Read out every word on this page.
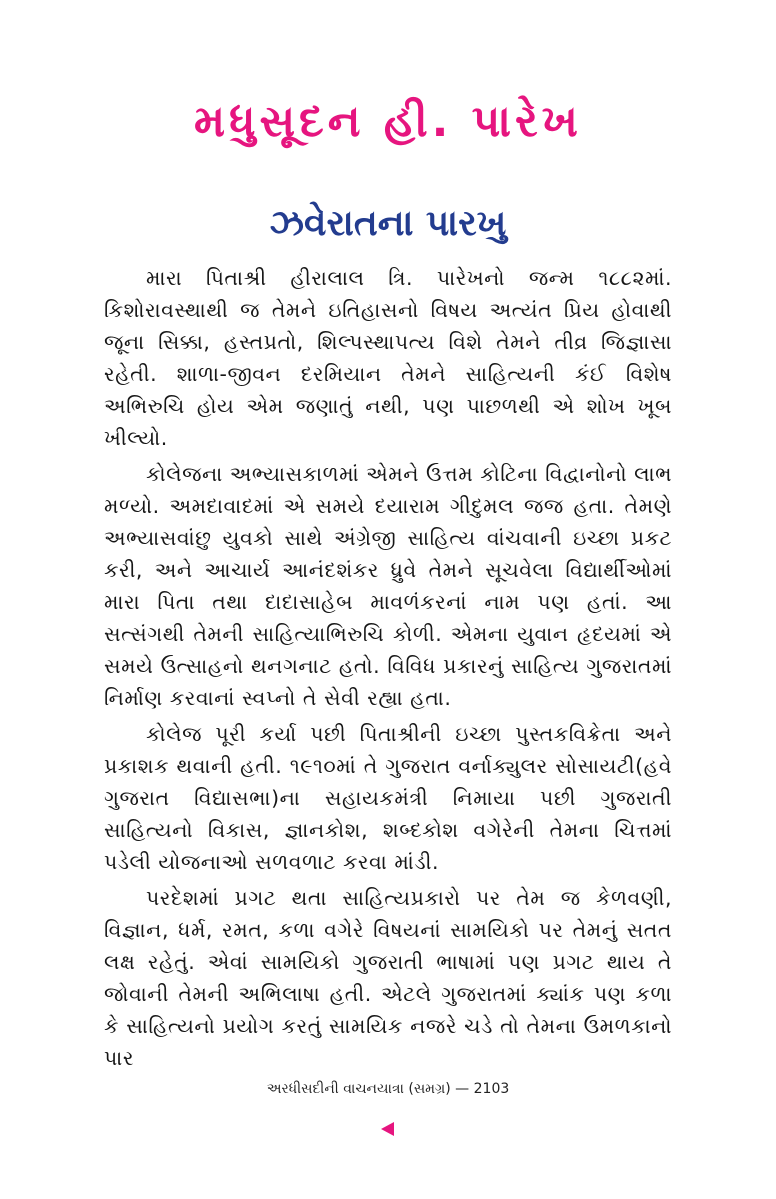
મધુસૂદન હી. પારેખ
ઝવેરાતના પારખુ

મારા પિતાશ્રી હીરાલાલ ત્રિ. પારેખનો જન્મ ૧૮૮૨માં. કિશોરાવસ્થાથી જ તેમને ઇતિહાસનો વિષય અત્યંત પ્રિય હોવાથી જૂના સિક્કા, હસ્તપ્રતો, શિલ્પસ્થાપત્ય વિશે તેમને તીવ્ર જિજ્ઞાસા રહેતી. શાળા-જીવન દરમિયાન તેમને સાહિત્યની કંઈ વિશેષ અભિરુચિ હોય એમ જણાતું નથી, પણ પાછળથી એ શોખ ખૂબ ખીલ્યો.

કોલેજના અભ્યાસકાળમાં એમને ઉત્તમ કોટિના વિદ્વાનોનો લાભ મળ્યો. અમદાવાદમાં એ સમયે દયારામ ગીદુમલ જજ હતા. તેમણે અભ્યાસવાંછુ યુવકો સાથે અંગ્રેજી સાહિત્ય વાંચવાની ઇચ્છા પ્રકટ કરી, અને આચાર્ય આનંદશંકર ધ્રુવે તેમને સૂચવેલા વિદ્યાર્થીઓમાં મારા પિતા તથા દાદાસાહેબ માવળંકરનાં નામ પણ હતાં. આ સત્સંગથી તેમની સાહિત્યાભિરુચિ કોળી. એમના યુવાન હૃદયમાં એ સમયે ઉત્સાહનો થનગનાટ હતો. વિવિધ પ્રકારનું સાહિત્ય ગુજરાતમાં નિર્માણ કરવાનાં સ્વપ્નો તે સેવી રહ્યા હતા.

કોલેજ પૂરી કર્યા પછી પિતાશ્રીની ઇચ્છા પુસ્તકવિક્રેતા અને પ્રકાશક થવાની હતી. ૧૯૧૦માં તે ગુજરાત વર્નાક્યુલર સોસાયટી(હવે ગુજરાત વિદ્યાસભા)ના સહાયકમંત્રી નિમાયા પછી ગુજરાતી સાહિત્યનો વિકાસ, જ્ઞાનકોશ, શબ્દકોશ વગેરેની તેમના ચિત્તમાં પડેલી યોજનાઓ સળવળાટ કરવા માંડી.

પરદેશમાં પ્રગટ થતા સાહિત્યપ્રકારો પર તેમ જ કેળવણી, વિજ્ઞાન, ધર્મ, રમત, કળા વગેરે વિષયનાં સામયિકો પર તેમનું સતત લક્ષ રહેતું. એવાં સામયિકો ગુજરાતી ભાષામાં પણ પ્રગટ થાય તે જોવાની તેમની અભિલાષા હતી. એટલે ગુજરાતમાં ક્યાંક પણ કળા કે સાહિત્યનો પ્રયોગ કરતું સામયિક નજરે ચડે તો તેમના ઉમળકાનો પાર

અરધીસદીની વાચનયાત્રા (સમગ્ર) — 2103
